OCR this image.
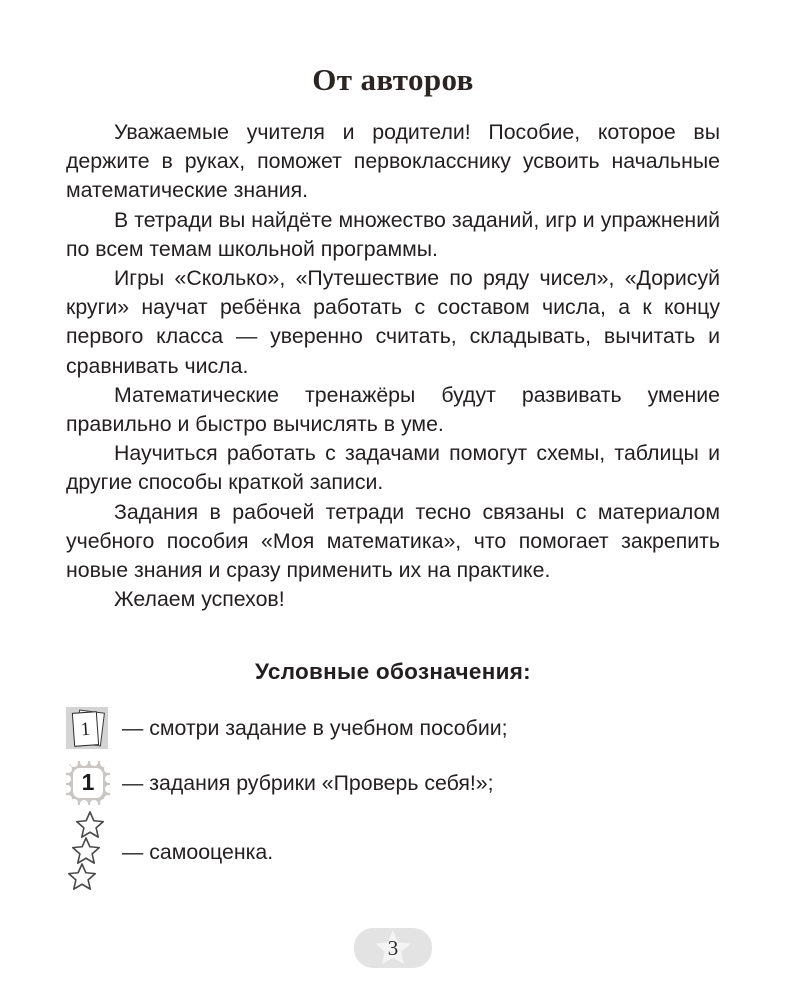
От авторов

Уважаемые учителя и родители! Пособие, которое вы держите в руках, поможет первокласснику усвоить начальные математические знания.

В тетради вы найдёте множество заданий, игр и упражнений по всем темам школьной программы.

Игры «Сколько», «Путешествие по ряду чисел», «Дорисуй круги» научат ребёнка работать с составом числа, а к концу первого класса — уверенно считать, складывать, вычитать и сравнивать числа.

Математические тренажёры будут развивать умение правильно и быстро вычислять в уме.

Научиться работать с задачами помогут схемы, таблицы и другие способы краткой записи.

Задания в рабочей тетради тесно связаны с материалом учебного пособия «Моя математика», что помогает закрепить новые знания и сразу применить их на практике.

Желаем успехов!

Условные обозначения:
1 — смотри задание в учебном пособии;
1 — задания рубрики «Проверь себя!»;
— самооценка.
3
